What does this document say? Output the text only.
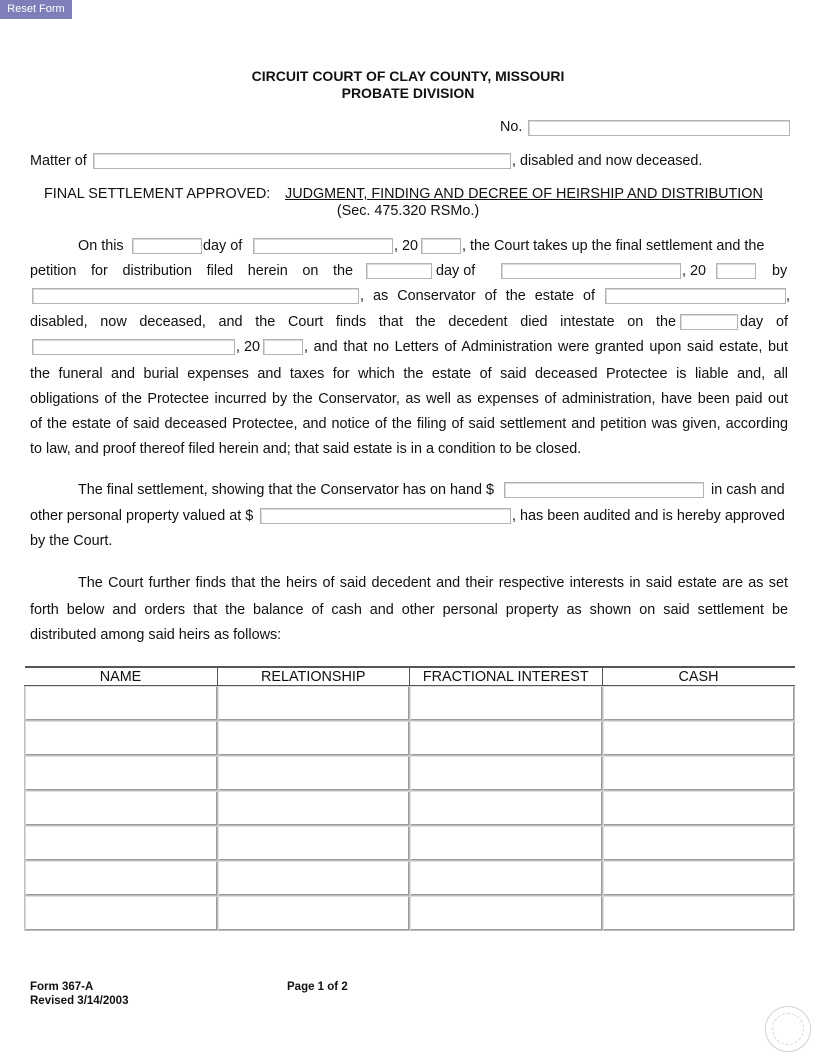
Reset Form
CIRCUIT COURT OF CLAY COUNTY, MISSOURI
PROBATE DIVISION
No.
Matter of	, disabled and now deceased.
FINAL SETTLEMENT APPROVED: JUDGMENT, FINDING AND DECREE OF HEIRSHIP AND DISTRIBUTION
(Sec. 475.320 RSMo.)
On this	day of	, 20	, the Court takes up the final settlement and the
petition for distribution filed herein on the	day of	, 20	by
, as Conservator of the estate of	,
disabled, now deceased, and the Court finds that the decedent died intestate on the	day of
, 20	, and that no Letters of Administration were granted upon said estate, but
the funeral and burial expenses and taxes for which the estate of said deceased Protectee is liable and, all
obligations of the Protectee incurred by the Conservator, as well as expenses of administration, have been paid out
of the estate of said deceased Protectee, and notice of the filing of said settlement and petition was given, according
to law, and proof thereof filed herein and; that said estate is in a condition to be closed.
The final settlement, showing that the Conservator has on hand $	in cash and
other personal property valued at $	, has been audited and is hereby approved
by the Court.
The Court further finds that the heirs of said decedent and their respective interests in said estate are as set
forth below and orders that the balance of cash and other personal property as shown on said settlement be
distributed among said heirs as follows:
NAME	RELATIONSHIP	FRACTIONAL INTEREST	CASH

Form 367-A
Revised 3/14/2003
Page 1 of 2
